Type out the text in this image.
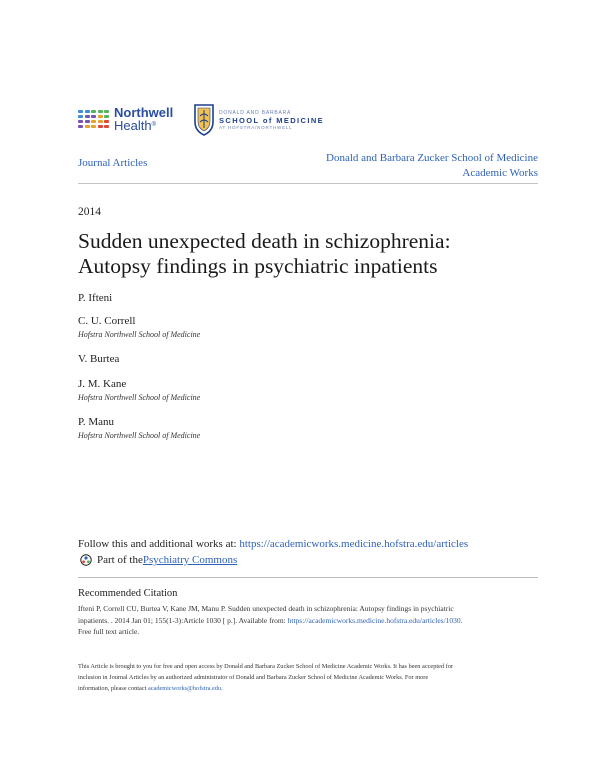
Northwell
Health®
DONALD AND BARBARA
SCHOOL of MEDICINE
AT HOFSTRA/NORTHWELL
Journal Articles	Donald and Barbara Zucker School of Medicine
Academic Works
2014
Sudden unexpected death in schizophrenia:
Autopsy findings in psychiatric inpatients
P. Ifteni
C. U. Correll
Hofstra Northwell School of Medicine
V. Burtea
J. M. Kane
Hofstra Northwell School of Medicine
P. Manu
Hofstra Northwell School of Medicine
Follow this and additional works at: https://academicworks.medicine.hofstra.edu/articles
Part of the Psychiatry Commons
Recommended Citation
Ifteni P, Correll CU, Burtea V, Kane JM, Manu P. Sudden unexpected death in schizophrenia: Autopsy findings in psychiatric
inpatients. . 2014 Jan 01; 155(1-3):Article 1030 [ p.]. Available from: https://academicworks.medicine.hofstra.edu/articles/1030.
Free full text article.
This Article is brought to you for free and open access by Donald and Barbara Zucker School of Medicine Academic Works. It has been accepted for
inclusion in Journal Articles by an authorized administrator of Donald and Barbara Zucker School of Medicine Academic Works. For more
information, please contact academicworks@hofstra.edu.
